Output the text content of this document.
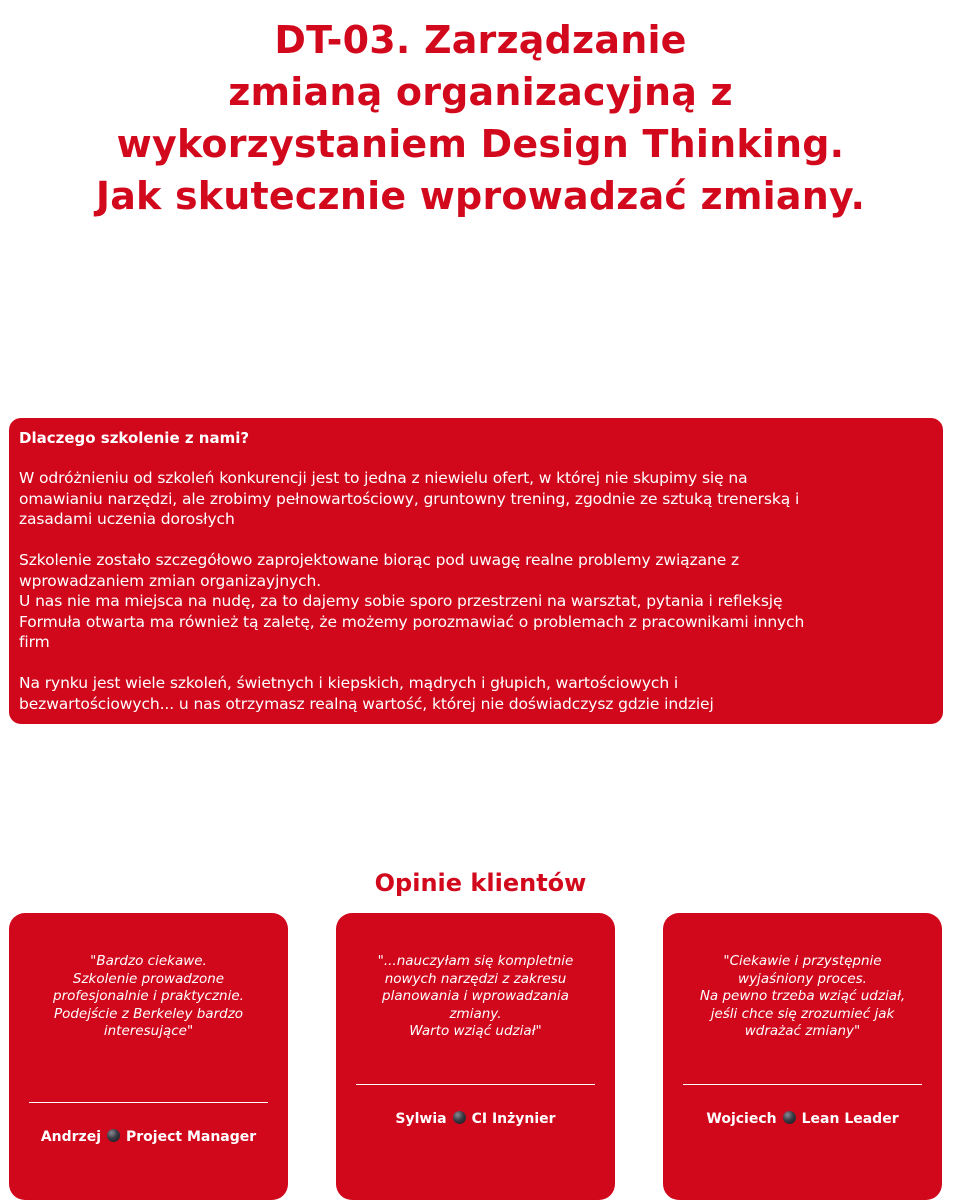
DT-03. Zarządzanie
zmianą organizacyjną z
wykorzystaniem Design Thinking.
Jak skutecznie wprowadzać zmiany.
Dlaczego szkolenie z nami?
W odróżnieniu od szkoleń konkurencji jest to jedna z niewielu ofert, w której nie skupimy się na
omawianiu narzędzi, ale zrobimy pełnowartościowy, gruntowny trening, zgodnie ze sztuką trenerską i
zasadami uczenia dorosłych
Szkolenie zostało szczegółowo zaprojektowane biorąc pod uwagę realne problemy związane z
wprowadzaniem zmian organizayjnych.
U nas nie ma miejsca na nudę, za to dajemy sobie sporo przestrzeni na warsztat, pytania i refleksję
Formuła otwarta ma również tą zaletę, że możemy porozmawiać o problemach z pracownikami innych
firm
Na rynku jest wiele szkoleń, świetnych i kiepskich, mądrych i głupich, wartościowych i
bezwartościowych... u nas otrzymasz realną wartość, której nie doświadczysz gdzie indziej
Opinie klientów

"Bardzo ciekawe.
Szkolenie prowadzone
profesjonalnie i praktycznie.
Podejście z Berkeley bardzo
interesujące"

Andrzej Project Manager

"...nauczyłam się kompletnie
nowych narzędzi z zakresu
planowania i wprowadzania
zmiany.
Warto wziąć udział"

Sylwia CI Inżynier

"Ciekawie i przystępnie
wyjaśniony proces.
Na pewno trzeba wziąć udział,
jeśli chce się zrozumieć jak
wdrażać zmiany"

Wojciech Lean Leader
